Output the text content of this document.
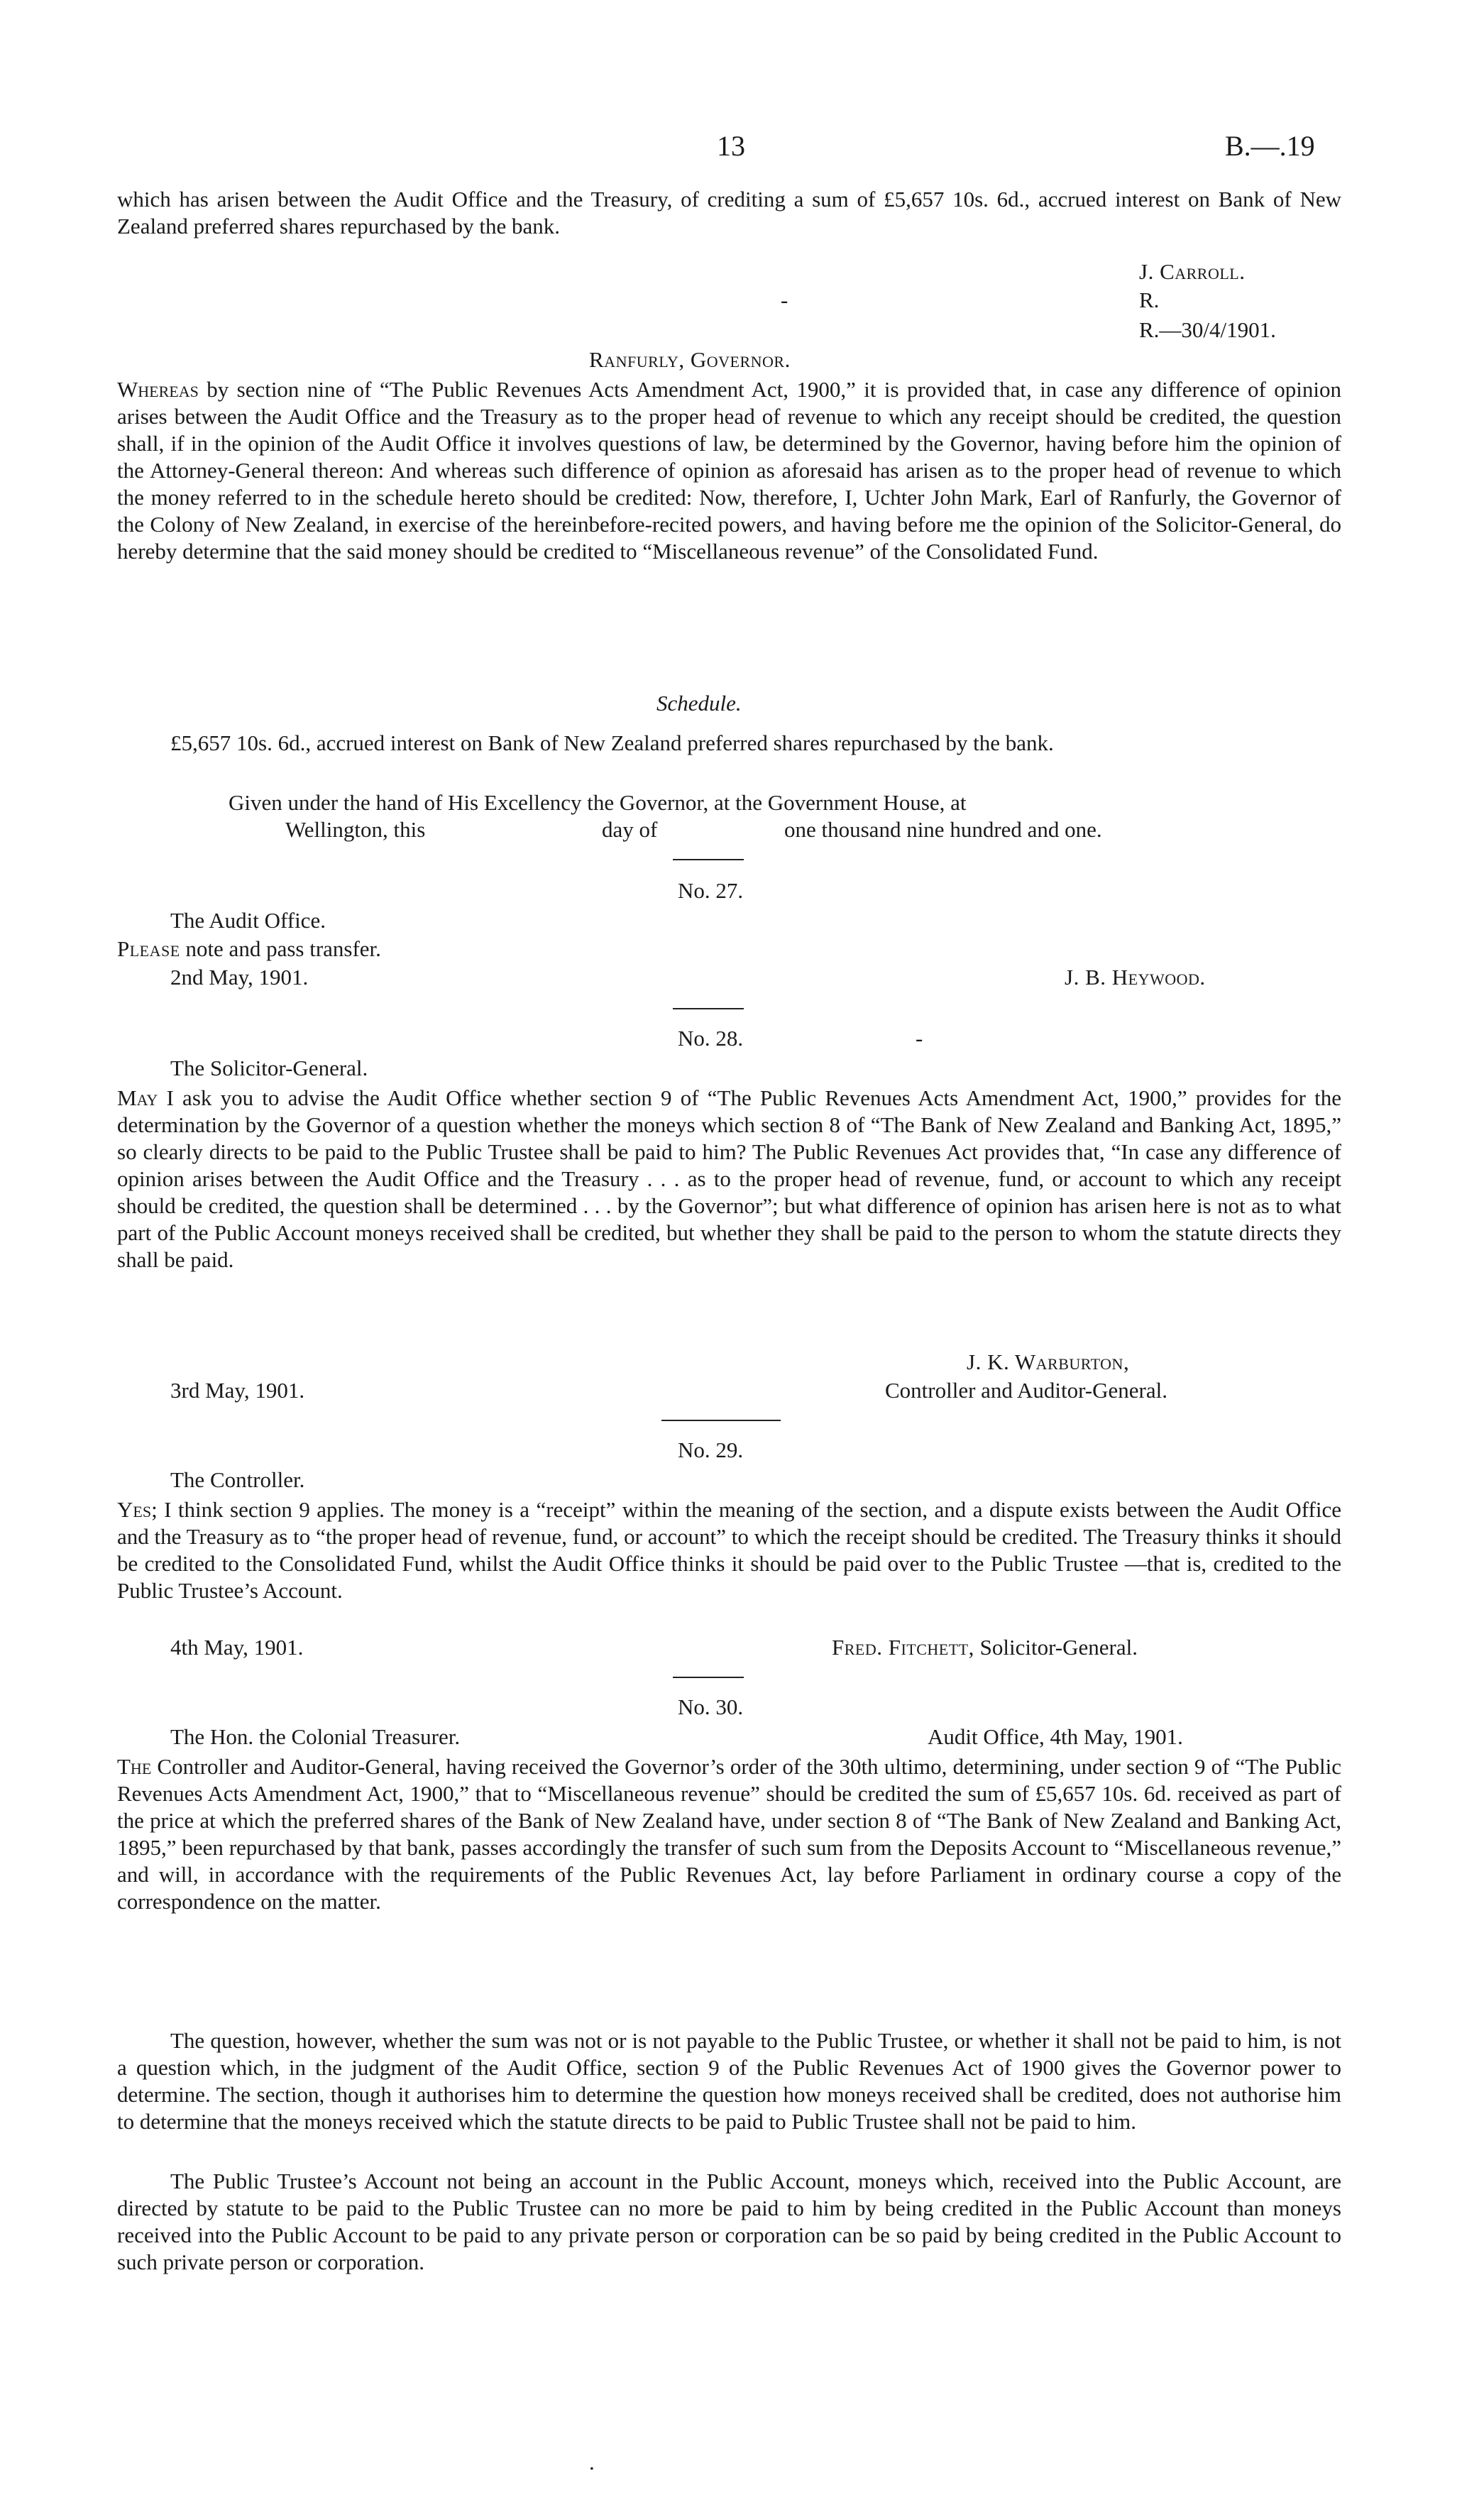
13	B.—.19
which has arisen between the Audit Office and the Treasury, of crediting a sum of £5,657 10s. 6d., accrued interest on Bank of New Zealand preferred shares repurchased by the bank.
J. Carroll.
-	R.
R.—30/4/1901.
Ranfurly, Governor.
Whereas by section nine of “The Public Revenues Acts Amendment Act, 1900,” it is provided that, in case any difference of opinion arises between the Audit Office and the Treasury as to the proper head of revenue to which any receipt should be credited, the question shall, if in the opinion of the Audit Office it involves questions of law, be determined by the Governor, having before him the opinion of the Attorney-General thereon: And whereas such difference of opinion as aforesaid has arisen as to the proper head of revenue to which the money referred to in the schedule hereto should be credited: Now, therefore, I, Uchter John Mark, Earl of Ranfurly, the Governor of the Colony of New Zealand, in exercise of the hereinbefore-recited powers, and having before me the opinion of the Solicitor-General, do hereby determine that the said money should be credited to “Miscellaneous revenue” of the Consolidated Fund.
Schedule.
£5,657 10s. 6d., accrued interest on Bank of New Zealand preferred shares repurchased by the bank.
Given under the hand of His Excellency the Governor, at the Government House, at
Wellington, this	day of	one thousand nine hundred and one.
No. 27.
The Audit Office.
Please note and pass transfer.
2nd May, 1901.	J. B. Heywood.
No. 28.	-
The Solicitor-General.
May I ask you to advise the Audit Office whether section 9 of “The Public Revenues Acts Amendment Act, 1900,” provides for the determination by the Governor of a question whether the moneys which section 8 of “The Bank of New Zealand and Banking Act, 1895,” so clearly directs to be paid to the Public Trustee shall be paid to him? The Public Revenues Act provides that, “In case any difference of opinion arises between the Audit Office and the Treasury . . . as to the proper head of revenue, fund, or account to which any receipt should be credited, the question shall be determined . . . by the Governor”; but what difference of opinion has arisen here is not as to what part of the Public Account moneys received shall be credited, but whether they shall be paid to the person to whom the statute directs they shall be paid.
J. K. Warburton,
3rd May, 1901.	Controller and Auditor-General.
No. 29.
The Controller.
Yes; I think section 9 applies. The money is a “receipt” within the meaning of the section, and a dispute exists between the Audit Office and the Treasury as to “the proper head of revenue, fund, or account” to which the receipt should be credited. The Treasury thinks it should be credited to the Consolidated Fund, whilst the Audit Office thinks it should be paid over to the Public Trustee —that is, credited to the Public Trustee’s Account.
4th May, 1901.	Fred. Fitchett, Solicitor-General.
No. 30.
The Hon. the Colonial Treasurer.	Audit Office, 4th May, 1901.
The Controller and Auditor-General, having received the Governor’s order of the 30th ultimo, determining, under section 9 of “The Public Revenues Acts Amendment Act, 1900,” that to “Miscellaneous revenue” should be credited the sum of £5,657 10s. 6d. received as part of the price at which the preferred shares of the Bank of New Zealand have, under section 8 of “The Bank of New Zealand and Banking Act, 1895,” been repurchased by that bank, passes accordingly the transfer of such sum from the Deposits Account to “Miscellaneous revenue,” and will, in accordance with the requirements of the Public Revenues Act, lay before Parliament in ordinary course a copy of the correspondence on the matter.
The question, however, whether the sum was not or is not payable to the Public Trustee, or whether it shall not be paid to him, is not a question which, in the judgment of the Audit Office, section 9 of the Public Revenues Act of 1900 gives the Governor power to determine. The section, though it authorises him to determine the question how moneys received shall be credited, does not authorise him to determine that the moneys received which the statute directs to be paid to Public Trustee shall not be paid to him.
The Public Trustee’s Account not being an account in the Public Account, moneys which, received into the Public Account, are directed by statute to be paid to the Public Trustee can no more be paid to him by being credited in the Public Account than moneys received into the Public Account to be paid to any private person or corporation can be so paid by being credited in the Public Account to such private person or corporation.
.
